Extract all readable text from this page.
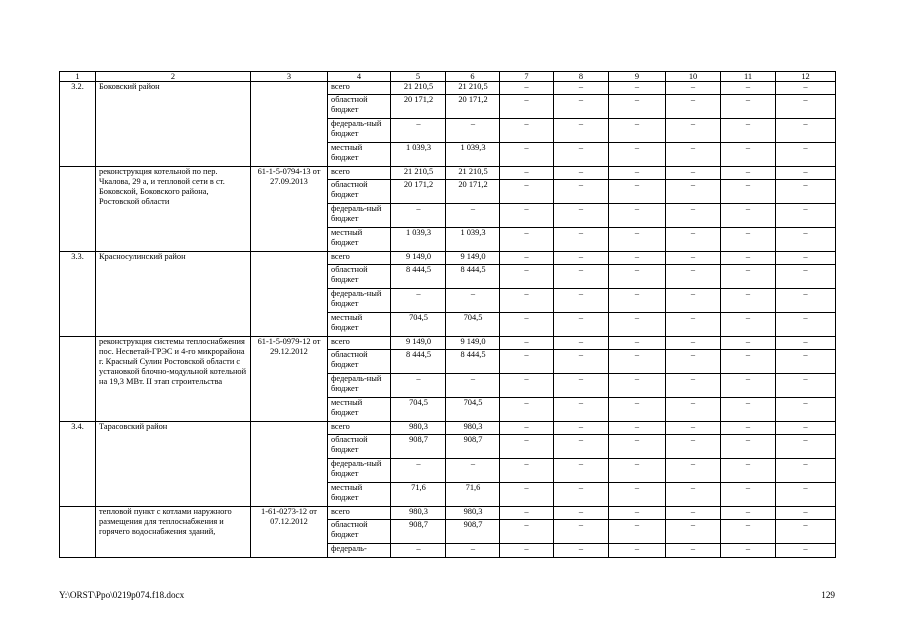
1	2	3	4	5	6	7	8	9	10	11	12
3.2.	Боковский район		всего	21 210,5	21 210,5	–	–	–	–	–	–
			областной бюджет	20 171,2	20 171,2	–	–	–	–	–	–
			федераль-ный бюджет	–	–	–	–	–	–	–	–
			местный бюджет	1 039,3	1 039,3	–	–	–	–	–	–
	реконструкция котельной по пер. Чкалова, 29 а, и тепловой сети в ст. Боковской, Боковского района, Ростовской области	61-1-5-0794-13 от 27.09.2013	всего	21 210,5	21 210,5	–	–	–	–	–	–
			областной бюджет	20 171,2	20 171,2	–	–	–	–	–	–
			федераль-ный бюджет	–	–	–	–	–	–	–	–
			местный бюджет	1 039,3	1 039,3	–	–	–	–	–	–
3.3.	Красносулинский район		всего	9 149,0	9 149,0	–	–	–	–	–	–
			областной бюджет	8 444,5	8 444,5	–	–	–	–	–	–
			федераль-ный бюджет	–	–	–	–	–	–	–	–
			местный бюджет	704,5	704,5	–	–	–	–	–	–
	реконструкция системы теплоснабжения пос. Несветай-ГРЭС и 4-го микрорайона г. Красный Сулин Ростовской области с установкой блочно-модульной котельной на 19,3 МВт. II этап строительства	61-1-5-0979-12 от 29.12.2012	всего	9 149,0	9 149,0	–	–	–	–	–	–
			областной бюджет	8 444,5	8 444,5	–	–	–	–	–	–
			федераль-ный бюджет	–	–	–	–	–	–	–	–
			местный бюджет	704,5	704,5	–	–	–	–	–	–
3.4.	Тарасовский район		всего	980,3	980,3	–	–	–	–	–	–
			областной бюджет	908,7	908,7	–	–	–	–	–	–
			федераль-ный бюджет	–	–	–	–	–	–	–	–
			местный бюджет	71,6	71,6	–	–	–	–	–	–
	тепловой пункт с котлами наружного размещения для теплоснабжения и горячего водоснабжения зданий,	1-61-0273-12 от 07.12.2012	всего	980,3	980,3	–	–	–	–	–	–
			областной бюджет	908,7	908,7	–	–	–	–	–	–
			федераль-	–	–	–	–	–	–	–	–
Y:\ORST\Ppo\0219p074.f18.docx	129
